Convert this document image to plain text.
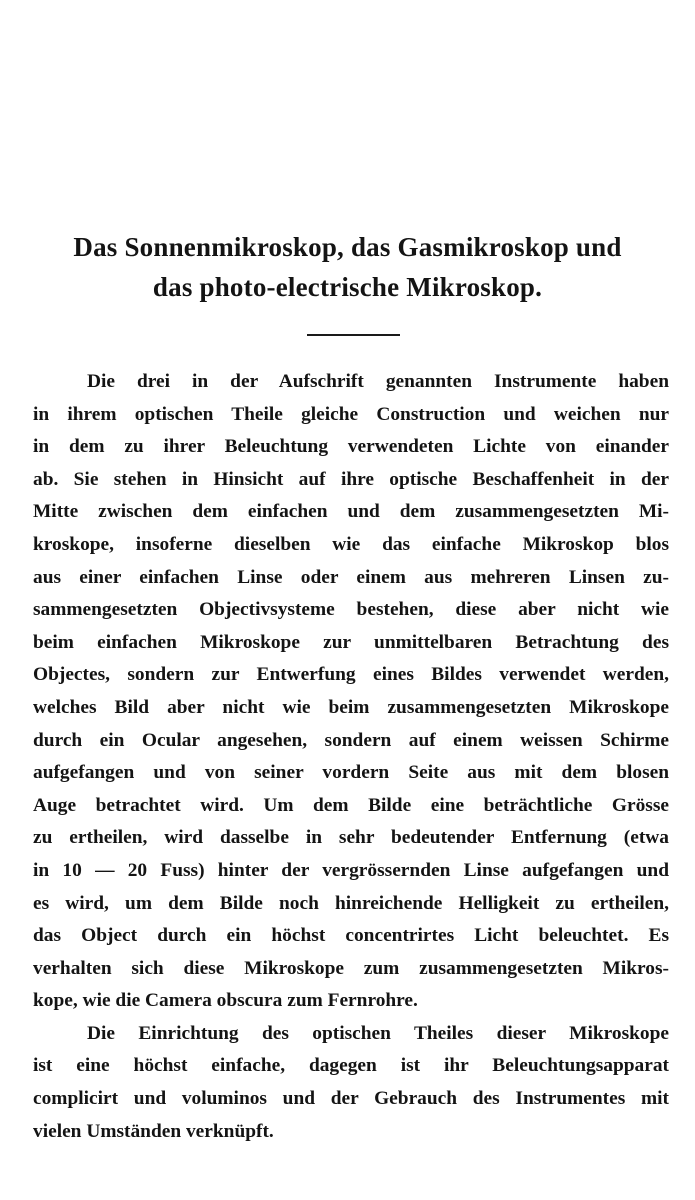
Das Sonnenmikroskop, das Gasmikroskop und
das photo-electrische Mikroskop.
Die drei in der Aufschrift genannten Instrumente haben
in ihrem optischen Theile gleiche Construction und weichen nur
in dem zu ihrer Beleuchtung verwendeten Lichte von einander
ab. Sie stehen in Hinsicht auf ihre optische Beschaffenheit in der
Mitte zwischen dem einfachen und dem zusammengesetzten Mi-
kroskope, insoferne dieselben wie das einfache Mikroskop blos
aus einer einfachen Linse oder einem aus mehreren Linsen zu-
sammengesetzten Objectivsysteme bestehen, diese aber nicht wie
beim einfachen Mikroskope zur unmittelbaren Betrachtung des
Objectes, sondern zur Entwerfung eines Bildes verwendet werden,
welches Bild aber nicht wie beim zusammengesetzten Mikroskope
durch ein Ocular angesehen, sondern auf einem weissen Schirme
aufgefangen und von seiner vordern Seite aus mit dem blosen
Auge betrachtet wird. Um dem Bilde eine beträchtliche Grösse
zu ertheilen, wird dasselbe in sehr bedeutender Entfernung (etwa
in 10 — 20 Fuss) hinter der vergrössernden Linse aufgefangen und
es wird, um dem Bilde noch hinreichende Helligkeit zu ertheilen,
das Object durch ein höchst concentrirtes Licht beleuchtet. Es
verhalten sich diese Mikroskope zum zusammengesetzten Mikros-
kope, wie die Camera obscura zum Fernrohre.
Die Einrichtung des optischen Theiles dieser Mikroskope
ist eine höchst einfache, dagegen ist ihr Beleuchtungsapparat
complicirt und voluminos und der Gebrauch des Instrumentes mit
vielen Umständen verknüpft.
